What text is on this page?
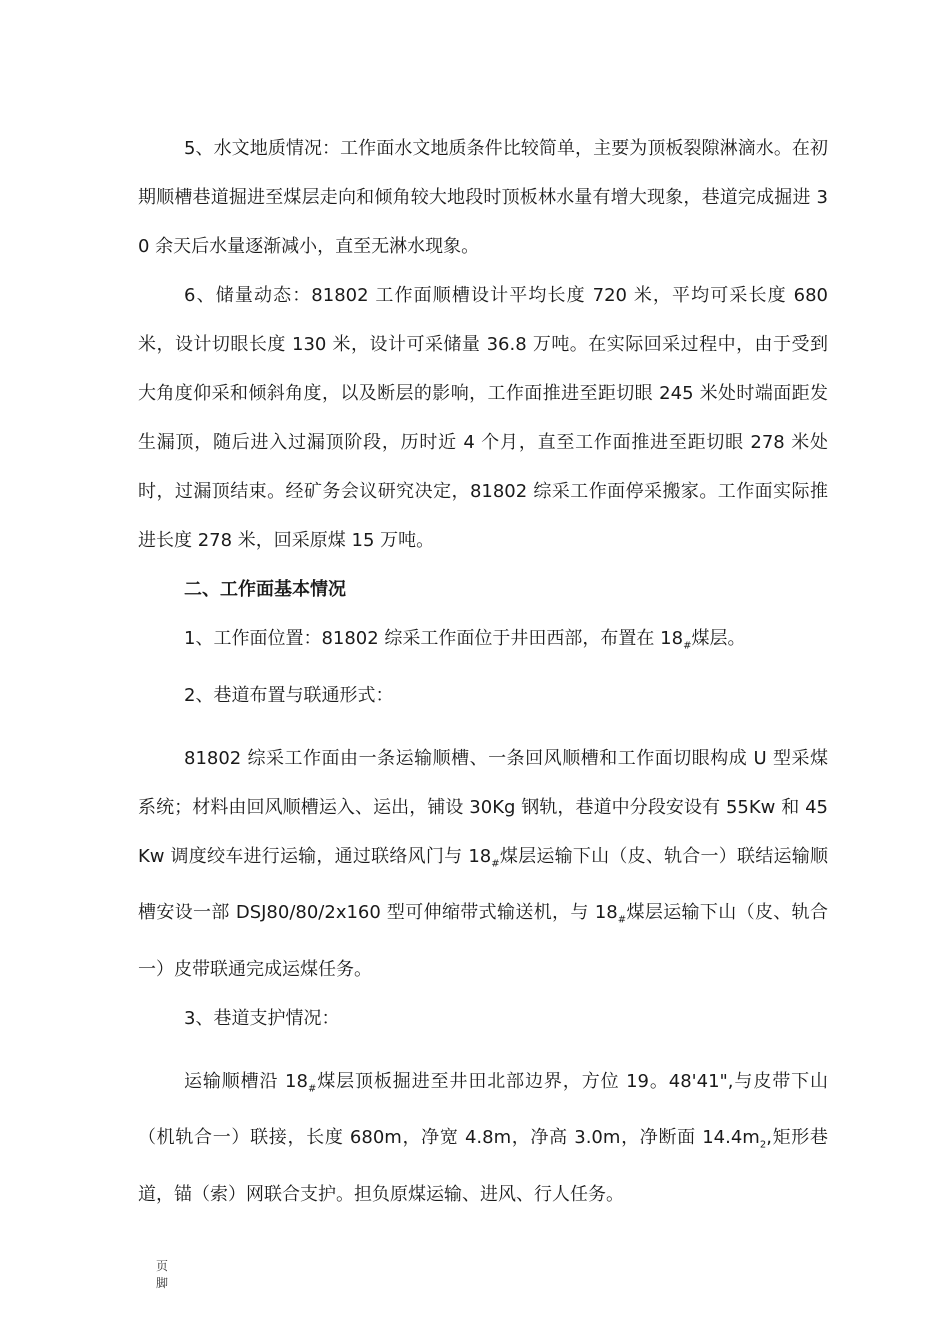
5、水文地质情况：工作面水文地质条件比较简单，主要为顶板裂隙淋滴水。在初期顺槽巷道掘进至煤层走向和倾角较大地段时顶板林水量有增大现象，巷道完成掘进 30 余天后水量逐渐减小，直至无淋水现象。

6、储量动态：81802 工作面顺槽设计平均长度 720 米，平均可采长度 680 米，设计切眼长度 130 米，设计可采储量 36.8 万吨。在实际回采过程中，由于受到大角度仰采和倾斜角度，以及断层的影响，工作面推进至距切眼 245 米处时端面距发生漏顶，随后进入过漏顶阶段，历时近 4 个月，直至工作面推进至距切眼 278 米处时，过漏顶结束。经矿务会议研究决定，81802 综采工作面停采搬家。工作面实际推进长度 278 米，回采原煤 15 万吨。

二、工作面基本情况

1、工作面位置：81802 综采工作面位于井田西部，布置在 $18_{\#}$煤层。

2、巷道布置与联通形式：

81802 综采工作面由一条运输顺槽、一条回风顺槽和工作面切眼构成 U 型采煤系统；材料由回风顺槽运入、运出，铺设 30Kg 钢轨，巷道中分段安设有 55Kw 和 45Kw 调度绞车进行运输，通过联络风门与 $18_{\#}$煤层运输下山（皮、轨合一）联结运输顺槽安设一部 DSJ80/80/2x160 型可伸缩带式输送机，与 $18_{\#}$煤层运输下山（皮、轨合一）皮带联通完成运煤任务。

3、巷道支护情况：

运输顺槽沿 $18_{\#}$煤层顶板掘进至井田北部边界，方位 19。48'41",与皮带下山（机轨合一）联接，长度 680m，净宽 4.8m，净高 3.0m，净断面 $14.4m_2$,矩形巷道，锚（索）网联合支护。担负原煤运输、进风、行人任务。

页
脚
